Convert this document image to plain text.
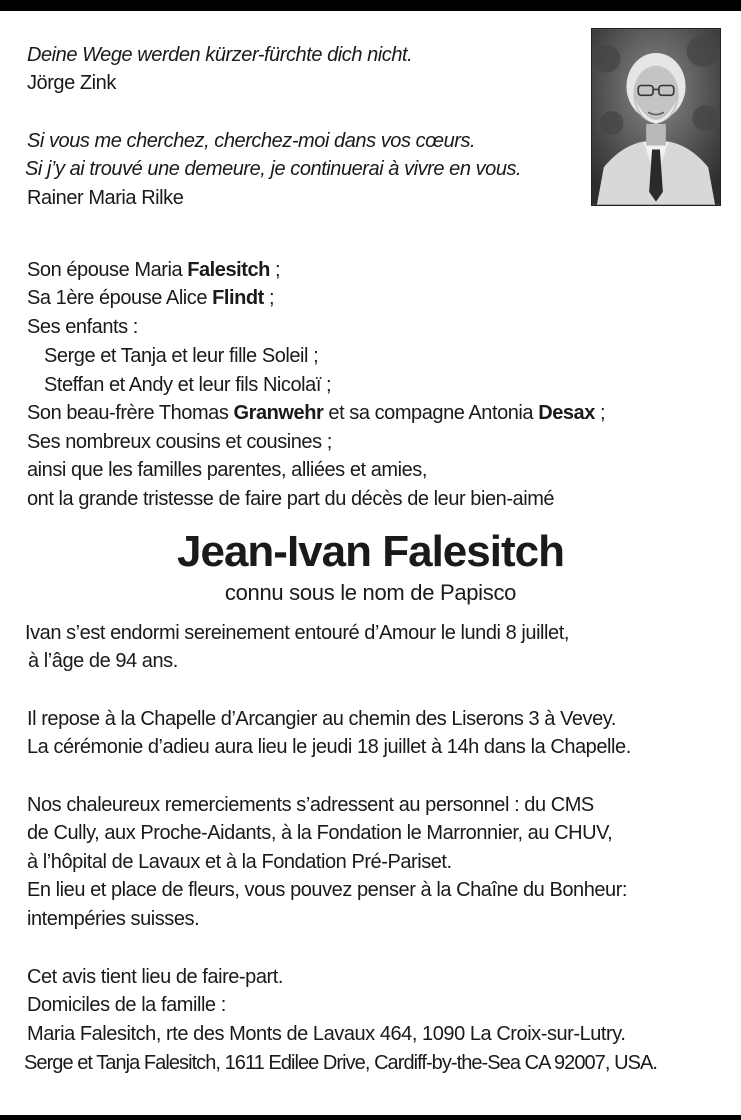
Deine Wege werden kürzer-fürchte dich nicht.
Jörge Zink
Si vous me cherchez, cherchez-moi dans vos cœurs.
Si j’y ai trouvé une demeure, je continuerai à vivre en vous.
Rainer Maria Rilke
Son épouse Maria Falesitch ;
Sa 1ère épouse Alice Flindt ;
Ses enfants :
Serge et Tanja et leur fille Soleil ;
Steffan et Andy et leur fils Nicolaï ;
Son beau-frère Thomas Granwehr et sa compagne Antonia Desax ;
Ses nombreux cousins et cousines ;
ainsi que les familles parentes, alliées et amies,
ont la grande tristesse de faire part du décès de leur bien-aimé
Jean-Ivan Falesitch
connu sous le nom de Papisco
Ivan s’est endormi sereinement entouré d’Amour le lundi 8 juillet,
à l’âge de 94 ans.
Il repose à la Chapelle d’Arcangier au chemin des Liserons 3 à Vevey.
La cérémonie d’adieu aura lieu le jeudi 18 juillet à 14h dans la Chapelle.
Nos chaleureux remerciements s’adressent au personnel : du CMS
de Cully, aux Proche-Aidants, à la Fondation le Marronnier, au CHUV,
à l’hôpital de Lavaux et à la Fondation Pré-Pariset.
En lieu et place de fleurs, vous pouvez penser à la Chaîne du Bonheur:
intempéries suisses.
Cet avis tient lieu de faire-part.
Domiciles de la famille :
Maria Falesitch, rte des Monts de Lavaux 464, 1090 La Croix-sur-Lutry.
Serge et Tanja Falesitch, 1611 Edilee Drive, Cardiff-by-the-Sea CA 92007, USA.
